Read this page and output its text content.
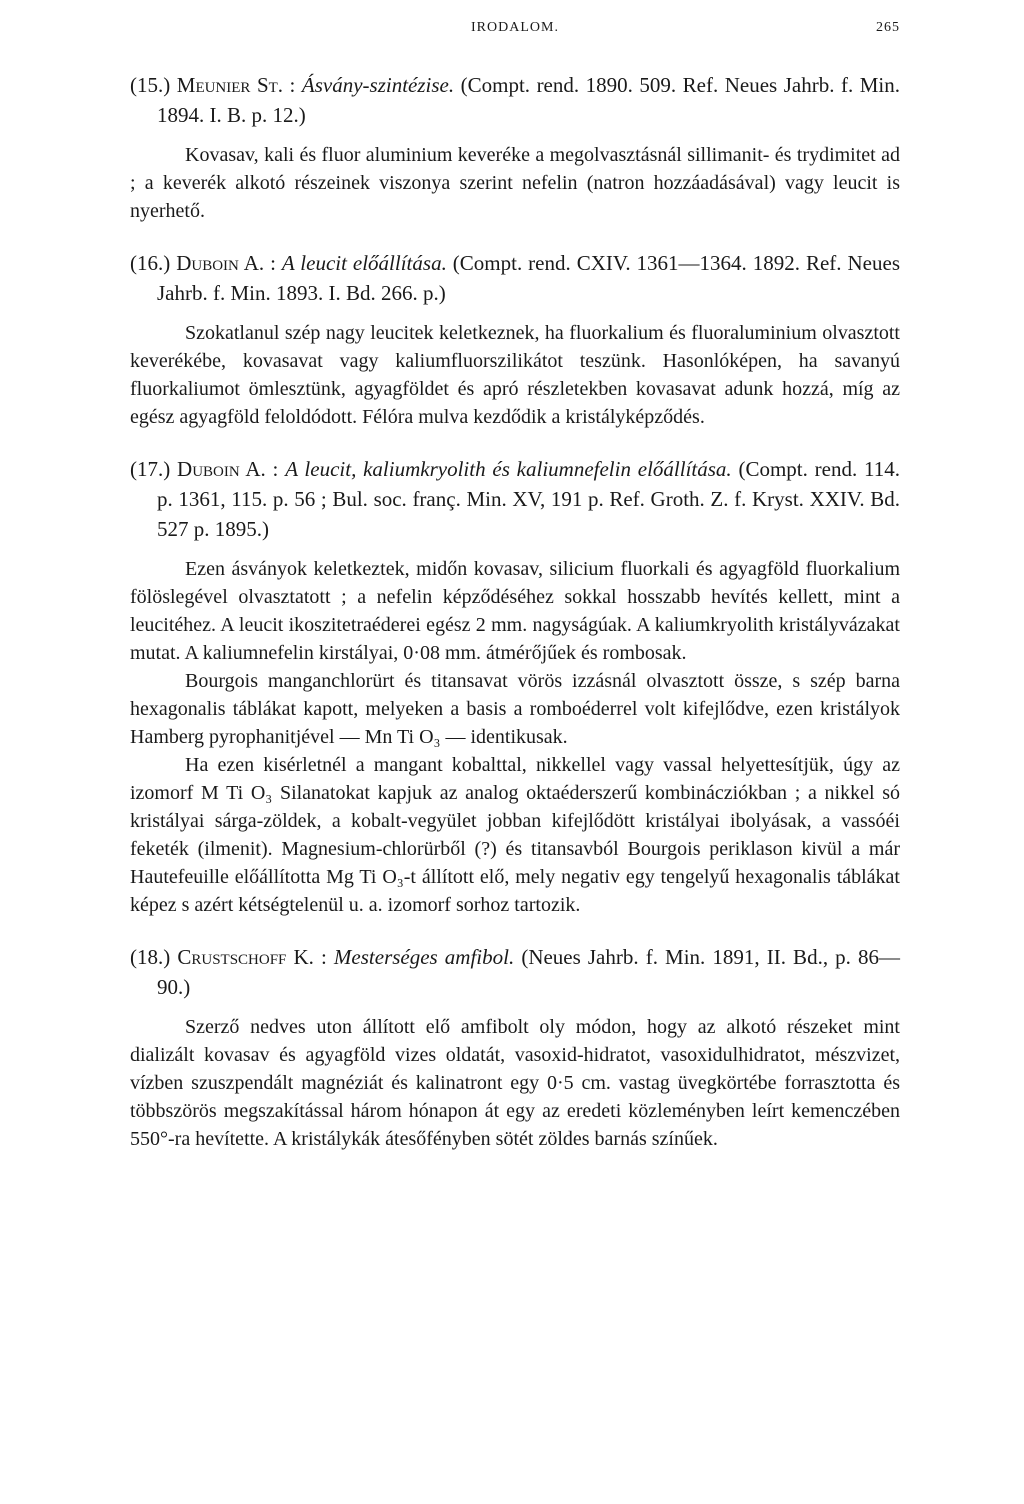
IRODALOM.	265
(15.) Meunier St. : Ásvány-szintézise. (Compt. rend. 1890. 509. Ref. Neues Jahrb. f. Min. 1894. I. B. p. 12.)

Kovasav, kali és fluor aluminium keveréke a megolvasztásnál sillimanit- és trydimitet ad ; a keverék alkotó részeinek viszonya szerint nefelin (natron hozzáadásával) vagy leucit is nyerhető.

(16.) Duboin A. : A leucit előállítása. (Compt. rend. CXIV. 1361—1364. 1892. Ref. Neues Jahrb. f. Min. 1893. I. Bd. 266. p.)

Szokatlanul szép nagy leucitek keletkeznek, ha fluorkalium és fluoraluminium olvasztott keverékébe, kovasavat vagy kaliumfluorszilikátot teszünk. Hasonlóképen, ha savanyú fluorkaliumot ömlesztünk, agyagföldet és apró részletekben kovasavat adunk hozzá, míg az egész agyagföld feloldódott. Félóra mulva kezdődik a kristályképződés.

(17.) Duboin A. : A leucit, kaliumkryolith és kaliumnefelin előállítása. (Compt. rend. 114. p. 1361, 115. p. 56 ; Bul. soc. franç. Min. XV, 191 p. Ref. Groth. Z. f. Kryst. XXIV. Bd. 527 p. 1895.)

Ezen ásványok keletkeztek, midőn kovasav, silicium fluorkali és agyagföld fluorkalium fölöslegével olvasztatott ; a nefelin képződéséhez sokkal hosszabb hevítés kellett, mint a leucitéhez. A leucit ikoszitetraéderei egész 2 mm. nagyságúak. A kaliumkryolith kristályvázakat mutat. A kaliumnefelin kirstályai, 0·08 mm. átmérőjűek és rombosak.

Bourgois manganchlorürt és titansavat vörös izzásnál olvasztott össze, s szép barna hexagonalis táblákat kapott, melyeken a basis a romboéderrel volt kifejlődve, ezen kristályok Hamberg pyrophanitjével — Mn Ti O₃ — identikusak.

Ha ezen kisérletnél a mangant kobalttal, nikkellel vagy vassal helyettesítjük, úgy az izomorf M Ti O₃ Silanatokat kapjuk az analog oktaéderszerű kombinácziókban ; a nikkel só kristályai sárga-zöldek, a kobalt-vegyület jobban kifejlődött kristályai ibolyásak, a vassóéi feketék (ilmenit). Magnesium-chlorürből (?) és titansavból Bourgois periklason kivül a már Hautefeuille előállította Mg Ti O₃-t állított elő, mely negativ egy tengelyű hexagonalis táblákat képez s azért kétségtelenül u. a. izomorf sorhoz tartozik.

(18.) Crustschoff K. : Mesterséges amfibol. (Neues Jahrb. f. Min. 1891, II. Bd., p. 86—90.)

Szerző nedves uton állított elő amfibolt oly módon, hogy az alkotó részeket mint dializált kovasav és agyagföld vizes oldatát, vasoxid-hidratot, vasoxidulhidratot, mészvizet, vízben szuszpendált magnéziát és kalinatront egy 0·5 cm. vastag üvegkörtébe forrasztotta és többszörös megszakítással három hónapon át egy az eredeti közleményben leírt kemenczében 550°-ra hevítette. A kristálykák átesőfényben sötét zöldes barnás színűek.
